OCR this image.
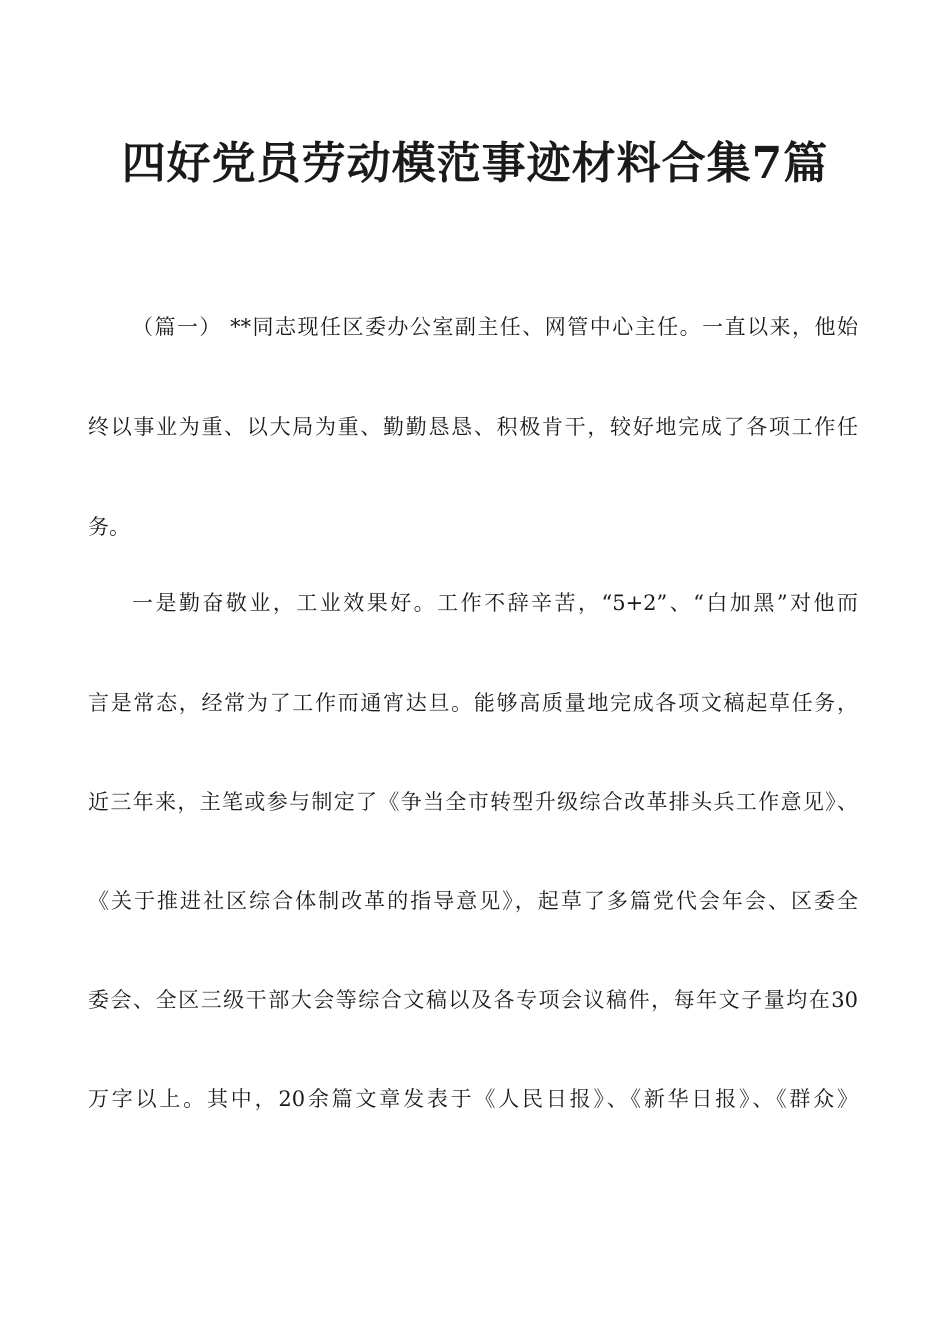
四好党员劳动模范事迹材料合集7篇

（篇一） **同志现任区委办公室副主任、网管中心主任。一直以来，他始

终以事业为重、以大局为重、勤勤恳恳、积极肯干，较好地完成了各项工作任

务。

一是勤奋敬业，工业效果好。工作不辞辛苦，“5+2”、“白加黑”对他而

言是常态，经常为了工作而通宵达旦。能够高质量地完成各项文稿起草任务，

近三年来，主笔或参与制定了《争当全市转型升级综合改革排头兵工作意见》、

《关于推进社区综合体制改革的指导意见》，起草了多篇党代会年会、区委全

委会、全区三级干部大会等综合文稿以及各专项会议稿件，每年文子量均在30

万字以上。其中，20余篇文章发表于《人民日报》、《新华日报》、《群众》
